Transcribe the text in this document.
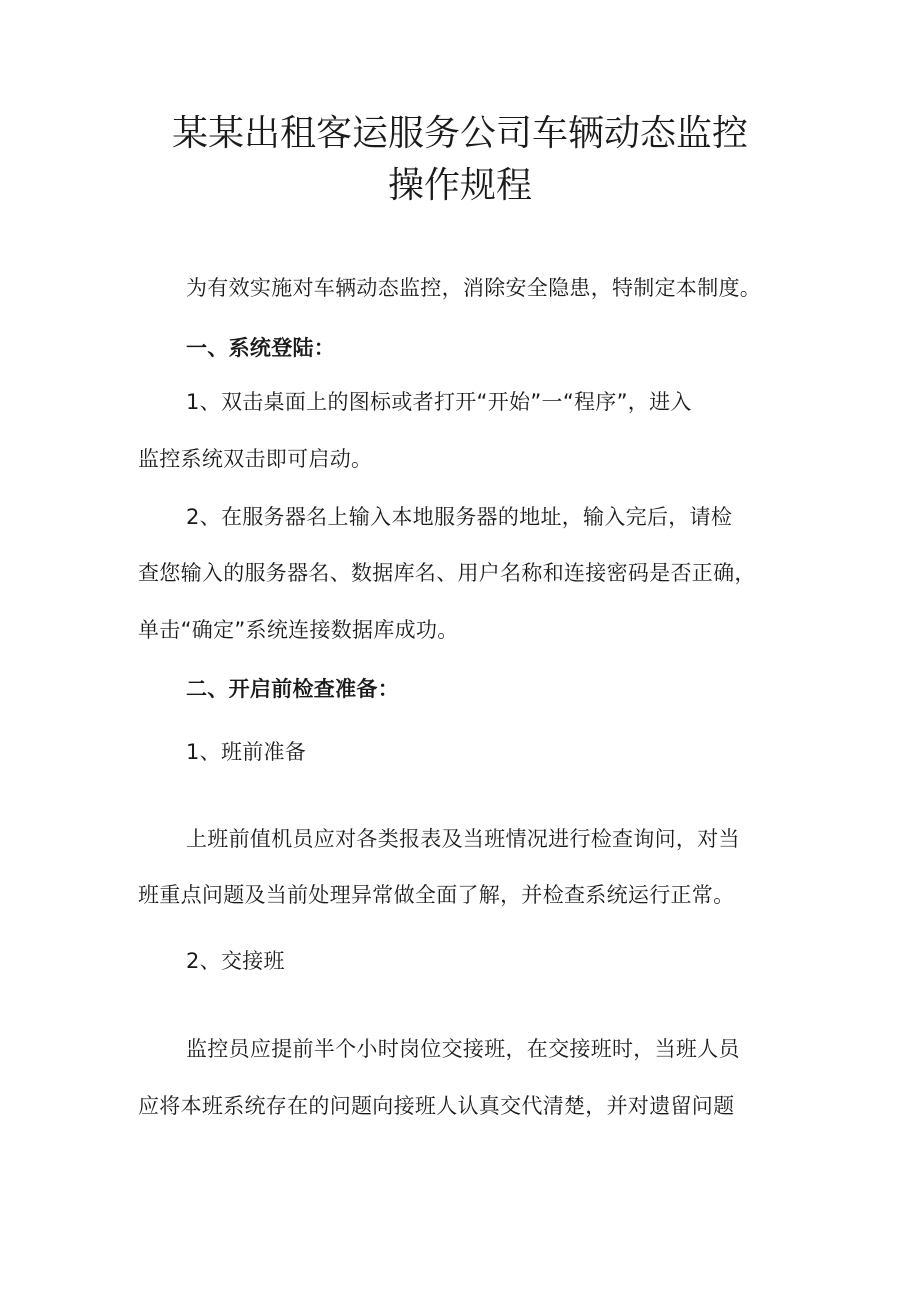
某某出租客运服务公司车辆动态监控
操作规程

为有效实施对车辆动态监控，消除安全隐患，特制定本制度。

一、系统登陆：

1、双击桌面上的图标或者打开“开始”一“程序”，进入

监控系统双击即可启动。

2、在服务器名上输入本地服务器的地址，输入完后，请检

查您输入的服务器名、数据库名、用户名称和连接密码是否正确，

单击“确定”系统连接数据库成功。

二、开启前检查准备：

1、班前准备

上班前值机员应对各类报表及当班情况进行检查询问，对当

班重点问题及当前处理异常做全面了解，并检查系统运行正常。

2、交接班

监控员应提前半个小时岗位交接班，在交接班时，当班人员

应将本班系统存在的问题向接班人认真交代清楚，并对遗留问题
